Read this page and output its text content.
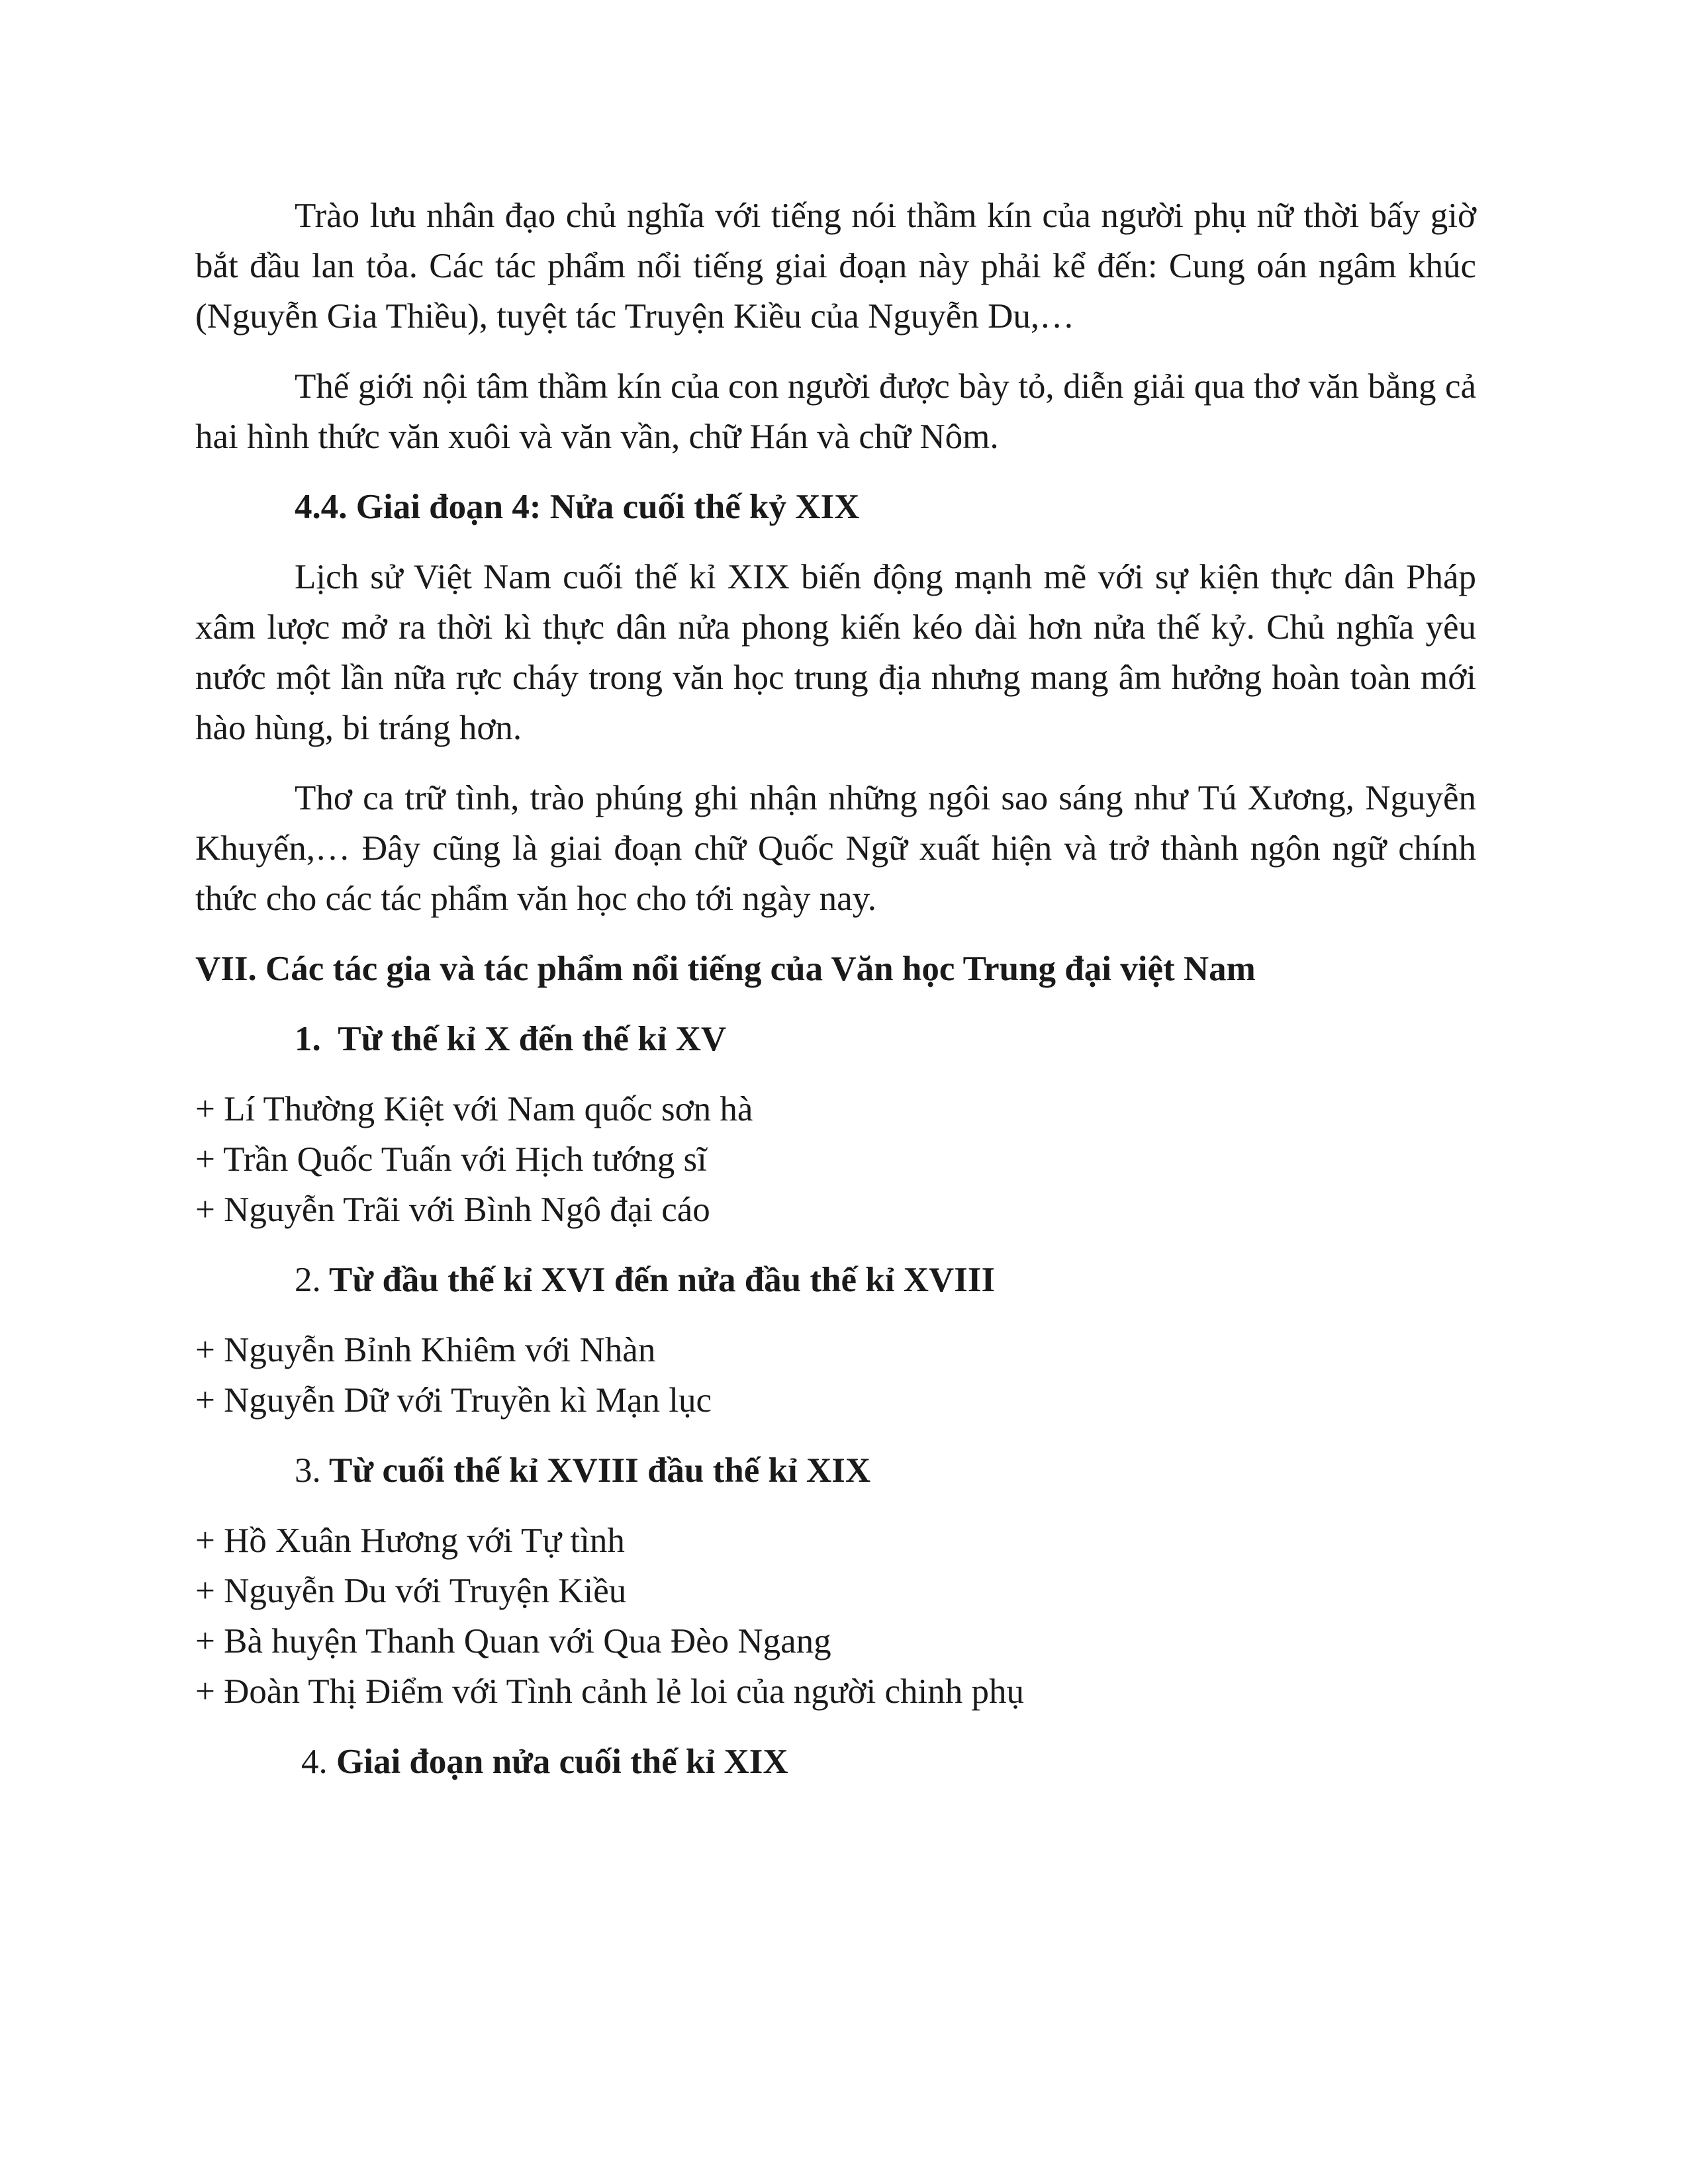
Trào lưu nhân đạo chủ nghĩa với tiếng nói thầm kín của người phụ nữ thời bấy giờ bắt đầu lan tỏa. Các tác phẩm nổi tiếng giai đoạn này phải kể đến: Cung oán ngâm khúc (Nguyễn Gia Thiều), tuyệt tác Truyện Kiều của Nguyễn Du,…

Thế giới nội tâm thầm kín của con người được bày tỏ, diễn giải qua thơ văn bằng cả hai hình thức văn xuôi và văn vần, chữ Hán và chữ Nôm.

4.4. Giai đoạn 4: Nửa cuối thế kỷ XIX

Lịch sử Việt Nam cuối thế kỉ XIX biến động mạnh mẽ với sự kiện thực dân Pháp xâm lược mở ra thời kì thực dân nửa phong kiến kéo dài hơn nửa thế kỷ. Chủ nghĩa yêu nước một lần nữa rực cháy trong văn học trung địa nhưng mang âm hưởng hoàn toàn mới hào hùng, bi tráng hơn.

Thơ ca trữ tình, trào phúng ghi nhận những ngôi sao sáng như Tú Xương, Nguyễn Khuyến,… Đây cũng là giai đoạn chữ Quốc Ngữ xuất hiện và trở thành ngôn ngữ chính thức cho các tác phẩm văn học cho tới ngày nay.

VII. Các tác gia và tác phẩm nổi tiếng của Văn học Trung đại việt Nam
1. Từ thế kỉ X đến thế kỉ XV
+ Lí Thường Kiệt với Nam quốc sơn hà
+ Trần Quốc Tuấn với Hịch tướng sĩ
+ Nguyễn Trãi với Bình Ngô đại cáo
2. Từ đầu thế kỉ XVI đến nửa đầu thế kỉ XVIII
+ Nguyễn Bỉnh Khiêm với Nhàn
+ Nguyễn Dữ với Truyền kì Mạn lục
3. Từ cuối thế kỉ XVIII đầu thế kỉ XIX
+ Hồ Xuân Hương với Tự tình
+ Nguyễn Du với Truyện Kiều
+ Bà huyện Thanh Quan với Qua Đèo Ngang
+ Đoàn Thị Điểm với Tình cảnh lẻ loi của người chinh phụ
4. Giai đoạn nửa cuối thế kỉ XIX
